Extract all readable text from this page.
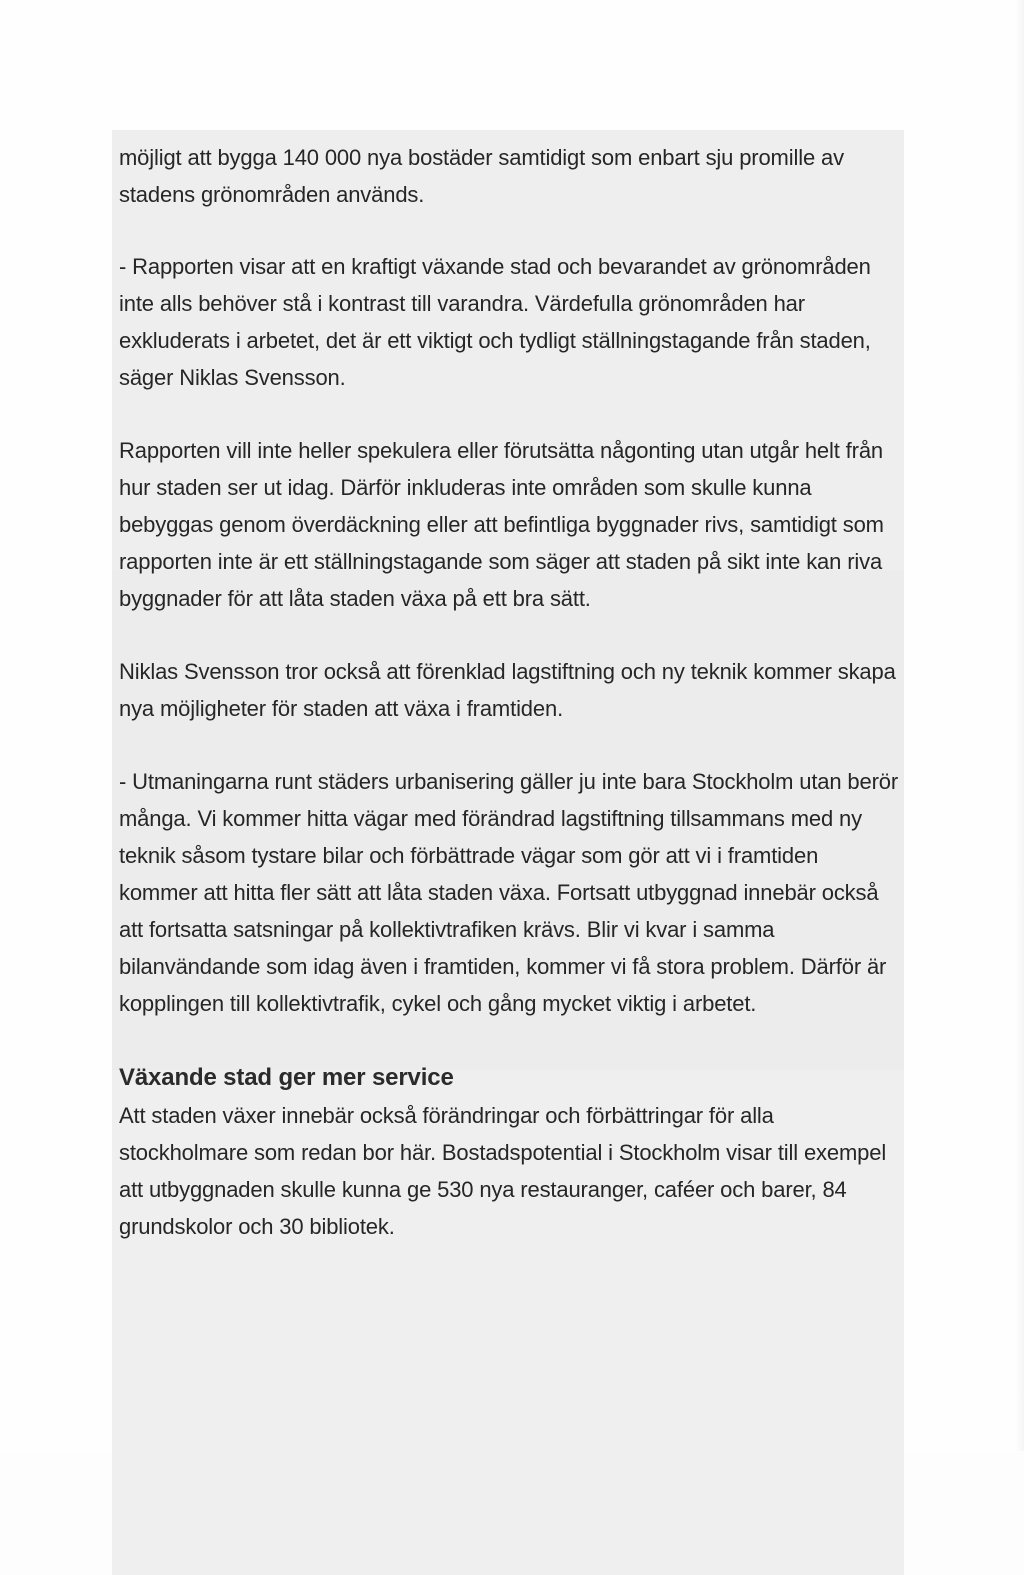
möjligt att bygga 140 000 nya bostäder samtidigt som enbart sju promille av stadens grönområden används.

- Rapporten visar att en kraftigt växande stad och bevarandet av grönområden inte alls behöver stå i kontrast till varandra. Värdefulla grönområden har exkluderats i arbetet, det är ett viktigt och tydligt ställningstagande från staden, säger Niklas Svensson.

Rapporten vill inte heller spekulera eller förutsätta någonting utan utgår helt från hur staden ser ut idag. Därför inkluderas inte områden som skulle kunna bebyggas genom överdäckning eller att befintliga byggnader rivs, samtidigt som rapporten inte är ett ställningstagande som säger att staden på sikt inte kan riva byggnader för att låta staden växa på ett bra sätt.

Niklas Svensson tror också att förenklad lagstiftning och ny teknik kommer skapa nya möjligheter för staden att växa i framtiden.

- Utmaningarna runt städers urbanisering gäller ju inte bara Stockholm utan berör många. Vi kommer hitta vägar med förändrad lagstiftning tillsammans med ny teknik såsom tystare bilar och förbättrade vägar som gör att vi i framtiden kommer att hitta fler sätt att låta staden växa. Fortsatt utbyggnad innebär också att fortsatta satsningar på kollektivtrafiken krävs. Blir vi kvar i samma bilanvändande som idag även i framtiden, kommer vi få stora problem. Därför är kopplingen till kollektivtrafik, cykel och gång mycket viktig i arbetet.

Växande stad ger mer service

Att staden växer innebär också förändringar och förbättringar för alla stockholmare som redan bor här. Bostadspotential i Stockholm visar till exempel att utbyggnaden skulle kunna ge 530 nya restauranger, caféer och barer, 84 grundskolor och 30 bibliotek.
